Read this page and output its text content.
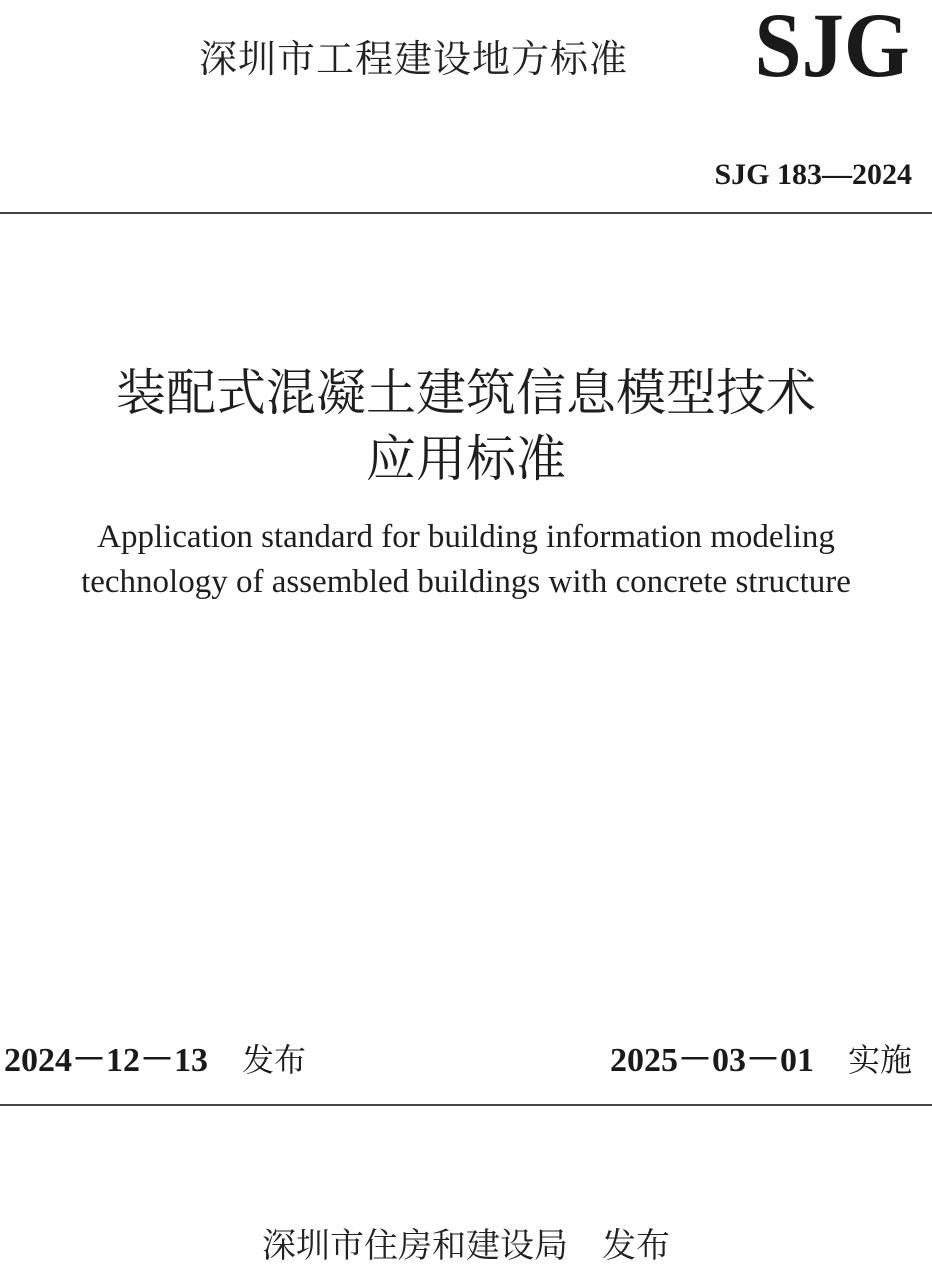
深圳市工程建设地方标准 SJG
SJG 183—2024
装配式混凝土建筑信息模型技术
应用标准
Application standard for building information modeling
technology of assembled buildings with concrete structure
2024－12－13 发布	2025－03－01 实施
深圳市住房和建设局　发布
